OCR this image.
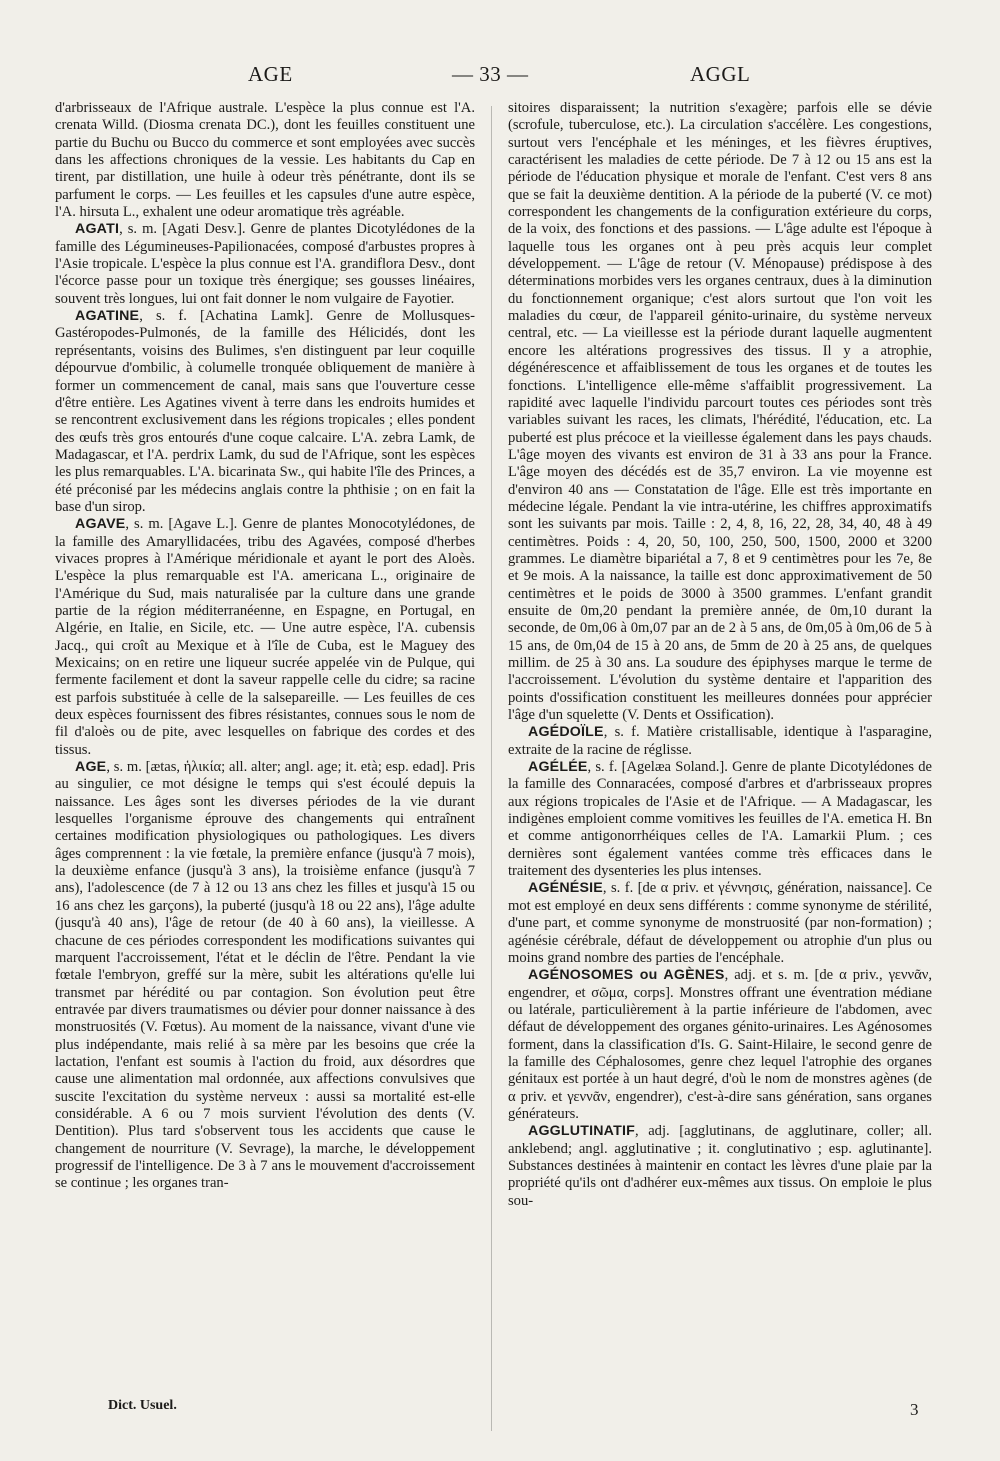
AGE	— 33 —	AGGL

d'arbrisseaux de l'Afrique australe. L'espèce la plus connue est l'A. crenata Willd. (Diosma crenata DC.), dont les feuilles constituent une partie du Buchu ou Bucco du commerce et sont employées avec succès dans les affections chroniques de la vessie. Les habitants du Cap en tirent, par distillation, une huile à odeur très pénétrante, dont ils se parfument le corps. — Les feuilles et les capsules d'une autre espèce, l'A. hirsuta L., exhalent une odeur aromatique très agréable.

AGATI, s. m. [Agati Desv.]. Genre de plantes Dicotylédones de la famille des Légumineuses-Papilionacées, composé d'arbustes propres à l'Asie tropicale. L'espèce la plus connue est l'A. grandiflora Desv., dont l'écorce passe pour un toxique très énergique; ses gousses linéaires, souvent très longues, lui ont fait donner le nom vulgaire de Fayotier.

AGATINE, s. f. [Achatina Lamk]. Genre de Mollusques-Gastéropodes-Pulmonés, de la famille des Hélicidés, dont les représentants, voisins des Bulimes, s'en distinguent par leur coquille dépourvue d'ombilic, à columelle tronquée obliquement de manière à former un commencement de canal, mais sans que l'ouverture cesse d'être entière. Les Agatines vivent à terre dans les endroits humides et se rencontrent exclusivement dans les régions tropicales ; elles pondent des œufs très gros entourés d'une coque calcaire. L'A. zebra Lamk, de Madagascar, et l'A. perdrix Lamk, du sud de l'Afrique, sont les espèces les plus remarquables. L'A. bicarinata Sw., qui habite l'île des Princes, a été préconisé par les médecins anglais contre la phthisie ; on en fait la base d'un sirop.

AGAVE, s. m. [Agave L.]. Genre de plantes Monocotylédones, de la famille des Amaryllidacées, tribu des Agavées, composé d'herbes vivaces propres à l'Amérique méridionale et ayant le port des Aloès. L'espèce la plus remarquable est l'A. americana L., originaire de l'Amérique du Sud, mais naturalisée par la culture dans une grande partie de la région méditerranéenne, en Espagne, en Portugal, en Algérie, en Italie, en Sicile, etc. — Une autre espèce, l'A. cubensis Jacq., qui croît au Mexique et à l'île de Cuba, est le Maguey des Mexicains; on en retire une liqueur sucrée appelée vin de Pulque, qui fermente facilement et dont la saveur rappelle celle du cidre; sa racine est parfois substituée à celle de la salsepareille. — Les feuilles de ces deux espèces fournissent des fibres résistantes, connues sous le nom de fil d'aloès ou de pite, avec lesquelles on fabrique des cordes et des tissus.

AGE, s. m. [ætas, ἡλικία; all. alter; angl. age; it. età; esp. edad]. Pris au singulier, ce mot désigne le temps qui s'est écoulé depuis la naissance. Les âges sont les diverses périodes de la vie durant lesquelles l'organisme éprouve des changements qui entraînent certaines modification physiologiques ou pathologiques. Les divers âges comprennent : la vie fœtale, la première enfance (jusqu'à 7 mois), la deuxième enfance (jusqu'à 3 ans), la troisième enfance (jusqu'à 7 ans), l'adolescence (de 7 à 12 ou 13 ans chez les filles et jusqu'à 15 ou 16 ans chez les garçons), la puberté (jusqu'à 18 ou 22 ans), l'âge adulte (jusqu'à 40 ans), l'âge de retour (de 40 à 60 ans), la vieillesse. A chacune de ces périodes correspondent les modifications suivantes qui marquent l'accroissement, l'état et le déclin de l'être. Pendant la vie fœtale l'embryon, greffé sur la mère, subit les altérations qu'elle lui transmet par hérédité ou par contagion. Son évolution peut être entravée par divers traumatismes ou dévier pour donner naissance à des monstruosités (V. Fœtus). Au moment de la naissance, vivant d'une vie plus indépendante, mais relié à sa mère par les besoins que crée la lactation, l'enfant est soumis à l'action du froid, aux désordres que cause une alimentation mal ordonnée, aux affections convulsives que suscite l'excitation du système nerveux : aussi sa mortalité est-elle considérable. A 6 ou 7 mois survient l'évolution des dents (V. Dentition). Plus tard s'observent tous les accidents que cause le changement de nourriture (V. Sevrage), la marche, le développement progressif de l'intelligence. De 3 à 7 ans le mouvement d'accroissement se continue ; les organes tran-

sitoires disparaissent; la nutrition s'exagère; parfois elle se dévie (scrofule, tuberculose, etc.). La circulation s'accélère. Les congestions, surtout vers l'encéphale et les méninges, et les fièvres éruptives, caractérisent les maladies de cette période. De 7 à 12 ou 15 ans est la période de l'éducation physique et morale de l'enfant. C'est vers 8 ans que se fait la deuxième dentition. A la période de la puberté (V. ce mot) correspondent les changements de la configuration extérieure du corps, de la voix, des fonctions et des passions. — L'âge adulte est l'époque à laquelle tous les organes ont à peu près acquis leur complet développement. — L'âge de retour (V. Ménopause) prédispose à des déterminations morbides vers les organes centraux, dues à la diminution du fonctionnement organique; c'est alors surtout que l'on voit les maladies du cœur, de l'appareil génito-urinaire, du système nerveux central, etc. — La vieillesse est la période durant laquelle augmentent encore les altérations progressives des tissus. Il y a atrophie, dégénérescence et affaiblissement de tous les organes et de toutes les fonctions. L'intelligence elle-même s'affaiblit progressivement. La rapidité avec laquelle l'individu parcourt toutes ces périodes sont très variables suivant les races, les climats, l'hérédité, l'éducation, etc. La puberté est plus précoce et la vieillesse également dans les pays chauds. L'âge moyen des vivants est environ de 31 à 33 ans pour la France. L'âge moyen des décédés est de 35,7 environ. La vie moyenne est d'environ 40 ans — Constatation de l'âge. Elle est très importante en médecine légale. Pendant la vie intra-utérine, les chiffres approximatifs sont les suivants par mois. Taille : 2, 4, 8, 16, 22, 28, 34, 40, 48 à 49 centimètres. Poids : 4, 20, 50, 100, 250, 500, 1500, 2000 et 3200 grammes. Le diamètre bipariétal a 7, 8 et 9 centimètres pour les 7e, 8e et 9e mois. A la naissance, la taille est donc approximativement de 50 centimètres et le poids de 3000 à 3500 grammes. L'enfant grandit ensuite de 0m,20 pendant la première année, de 0m,10 durant la seconde, de 0m,06 à 0m,07 par an de 2 à 5 ans, de 0m,05 à 0m,06 de 5 à 15 ans, de 0m,04 de 15 à 20 ans, de 5mm de 20 à 25 ans, de quelques millim. de 25 à 30 ans. La soudure des épiphyses marque le terme de l'accroissement. L'évolution du système dentaire et l'apparition des points d'ossification constituent les meilleures données pour apprécier l'âge d'un squelette (V. Dents et Ossification).

AGÉDOÏLE, s. f. Matière cristallisable, identique à l'asparagine, extraite de la racine de réglisse.

AGÉLÉE, s. f. [Agelæa Soland.]. Genre de plante Dicotylédones de la famille des Connaracées, composé d'arbres et d'arbrisseaux propres aux régions tropicales de l'Asie et de l'Afrique. — A Madagascar, les indigènes emploient comme vomitives les feuilles de l'A. emetica H. Bn et comme antigonorrhéiques celles de l'A. Lamarkii Plum. ; ces dernières sont également vantées comme très efficaces dans le traitement des dysenteries les plus intenses.

AGÉNÉSIE, s. f. [de α priv. et γέννησις, génération, naissance]. Ce mot est employé en deux sens différents : comme synonyme de stérilité, d'une part, et comme synonyme de monstruosité (par non-formation) ; agénésie cérébrale, défaut de développement ou atrophie d'un plus ou moins grand nombre des parties de l'encéphale.

AGÉNOSOMES ou AGÈNES, adj. et s. m. [de α priv., γεννᾶν, engendrer, et σῶμα, corps]. Monstres offrant une éventration médiane ou latérale, particulièrement à la partie inférieure de l'abdomen, avec défaut de développement des organes génito-urinaires. Les Agénosomes forment, dans la classification d'Is. G. Saint-Hilaire, le second genre de la famille des Céphalosomes, genre chez lequel l'atrophie des organes génitaux est portée à un haut degré, d'où le nom de monstres agènes (de α priv. et γεννᾶν, engendrer), c'est-à-dire sans génération, sans organes générateurs.

AGGLUTINATIF, adj. [agglutinans, de agglutinare, coller; all. anklebend; angl. agglutinative ; it. conglutinativo ; esp. aglutinante]. Substances destinées à maintenir en contact les lèvres d'une plaie par la propriété qu'ils ont d'adhérer eux-mêmes aux tissus. On emploie le plus sou-

Dict. Usuel.	3
